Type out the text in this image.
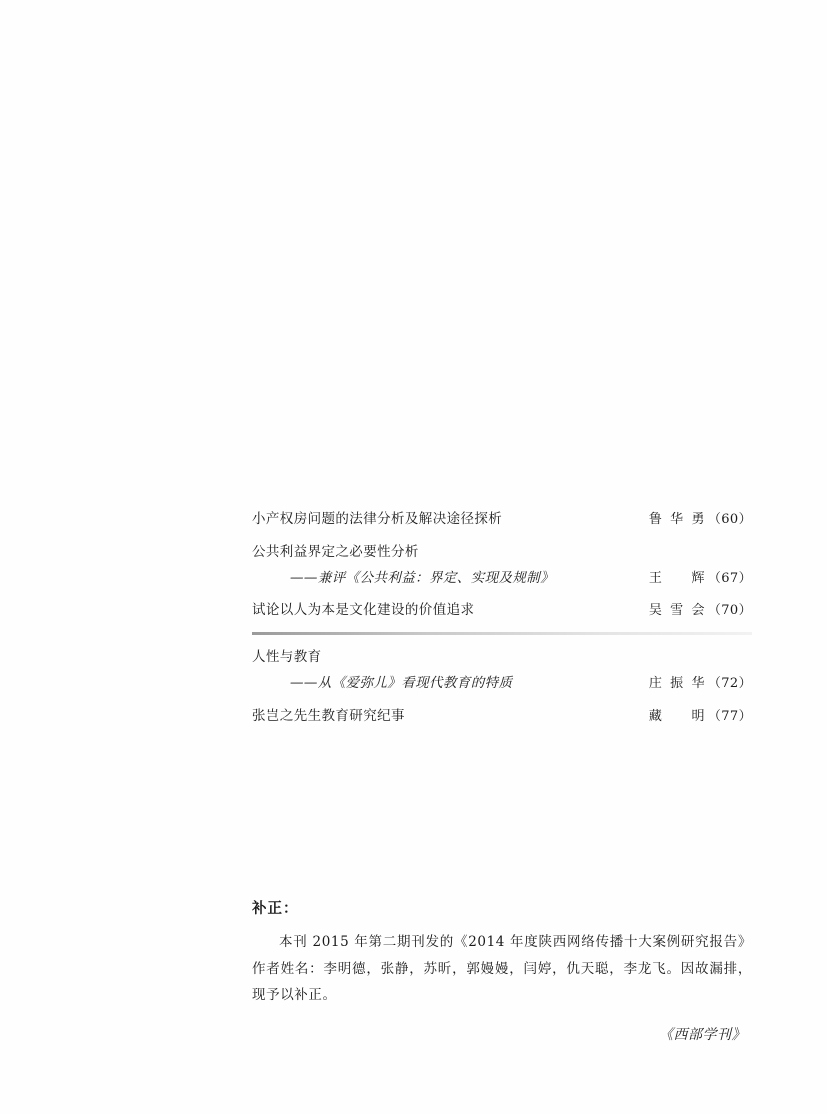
小产权房问题的法律分析及解决途径探析	鲁华勇 （60）
公共利益界定之必要性分析
——兼评《公共利益：界定、实现及规制》	王　辉 （67）
试论以人为本是文化建设的价值追求	吴雪会 （70）
人性与教育
——从《爱弥儿》看现代教育的特质	庄振华 （72）
张岂之先生教育研究纪事	藏　明 （77）
补正：
本刊 2015 年第二期刊发的《2014 年度陕西网络传播十大案例研究报告》作者姓名：李明德，张静，苏昕，郭嫚嫚，闫婷，仇天聪，李龙飞。因故漏排，现予以补正。
《西部学刊》
